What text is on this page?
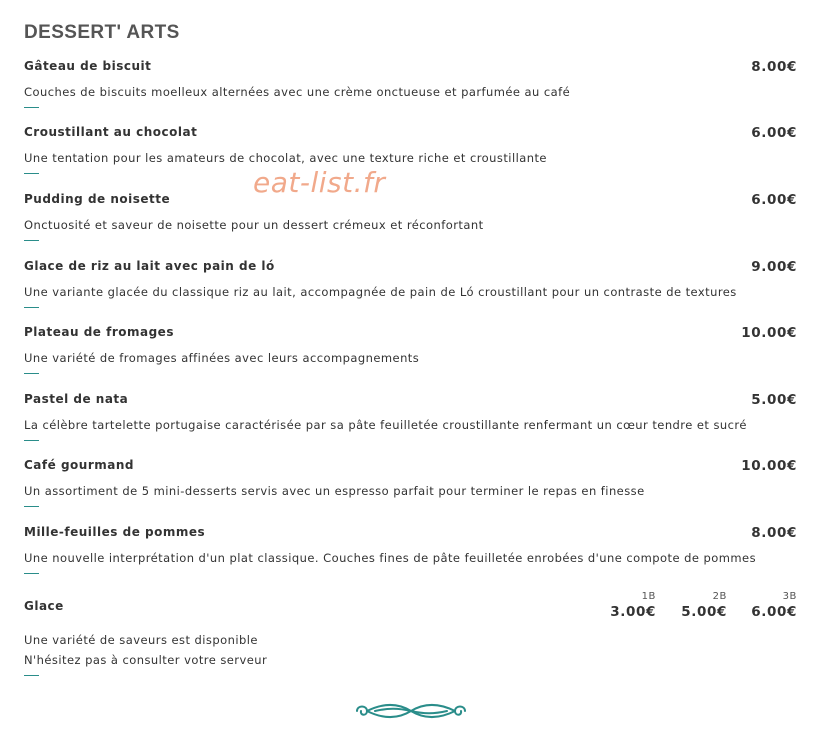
DESSERT' ARTS
Gâteau de biscuit	8.00€
Couches de biscuits moelleux alternées avec une crème onctueuse et parfumée au café
Croustillant au chocolat	6.00€
Une tentation pour les amateurs de chocolat, avec une texture riche et croustillante
Pudding de noisette	6.00€
Onctuosité et saveur de noisette pour un dessert crémeux et réconfortant
Glace de riz au lait avec pain de ló	9.00€
Une variante glacée du classique riz au lait, accompagnée de pain de Ló croustillant pour un contraste de textures
Plateau de fromages	10.00€
Une variété de fromages affinées avec leurs accompagnements
Pastel de nata	5.00€
La célèbre tartelette portugaise caractérisée par sa pâte feuilletée croustillante renfermant un cœur tendre et sucré
Café gourmand	10.00€
Un assortiment de 5 mini-desserts servis avec un espresso parfait pour terminer le repas en finesse
Mille-feuilles de pommes	8.00€
Une nouvelle interprétation d'un plat classique. Couches fines de pâte feuilletée enrobées d'une compote de pommes
Glace
1B
3.00€
2B
5.00€
3B
6.00€
Une variété de saveurs est disponible
N'hésitez pas à consulter votre serveur
eat-list.fr
